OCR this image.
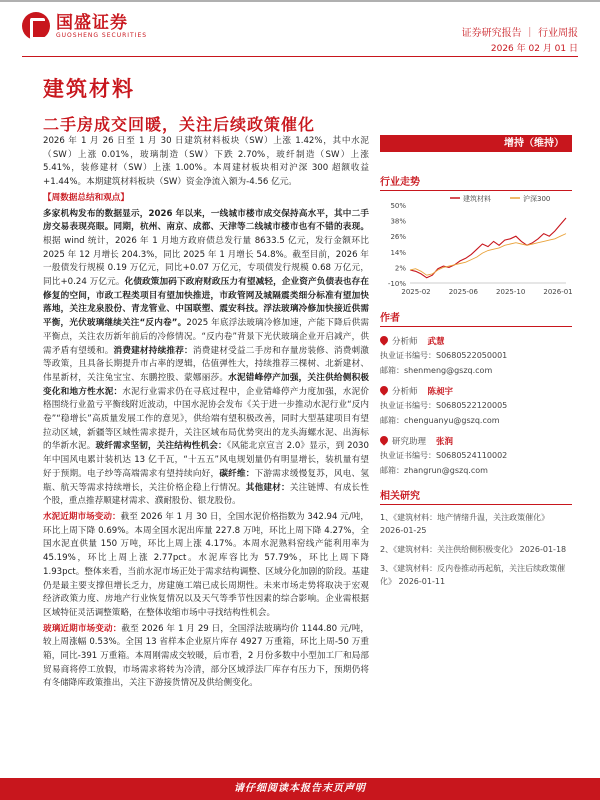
国盛证券
GUOSHENG SECURITIES	证券研究报告 ｜ 行业周报
2026 年 02 月 01 日
建筑材料
二手房成交回暖，关注后续政策催化

2026 年 1 月 26 日至 1 月 30 日建筑材料板块（SW）上涨 1.42%，其中水泥（SW）上涨 0.01%，玻璃制造（SW）下跌 2.70%，玻纤制造（SW）上涨 5.41%，装修建材（SW）上涨 1.00%。本周建材板块相对沪深 300 超额收益+1.44%。本期建筑材料板块（SW）资金净流入额为-4.56 亿元。

【周数据总结和观点】

多家机构发布的数据显示，2026 年以来，一线城市楼市成交保持高水平，其中二手房交易表现亮眼。同期，杭州、南京、成都、天津等二线城市楼市也有不错的表现。根据 wind 统计，2026 年 1 月地方政府债总发行量 8633.5 亿元，发行金额环比 2025 年 12 月增长 204.3%，同比 2025 年 1 月增长 54.8%。截至目前，2026 年一般债发行规模 0.19 万亿元，同比+0.07 万亿元，专项债发行规模 0.68 万亿元，同比+0.24 万亿元。化债政策加码下政府财政压力有望减轻，企业资产负债表也存在修复的空间，市政工程类项目有望加快推进，市政管网及城隔震类细分标准有望加快落地，关注龙泉股份、青龙管业、中国联塑、震安科技。浮法玻璃冷修加快接近供需平衡，光伏玻璃继续关注“反内卷”。2025 年底浮法玻璃冷修加速，产能下降后供需平衡点，关注农历新年前后的冷修情况。“反内卷”背景下光伏玻璃企业开启减产，供需矛盾有望缓和。消费建材持续推荐：消费建材受益二手房和存量房装修、消费刺激等政策，且具备长期提升市占率的逻辑，估值弹性大，持续推荐三棵树、北新建材、伟星新材，关注兔宝宝、东鹏控股、蒙娜丽莎。水泥错峰停产加强，关注供给侧积极变化和地方性水泥：水泥行业需求仍在寻底过程中，企业错峰停产力度加强，水泥价格围绕行业盈亏平衡线附近波动，中国水泥协会发布《关于进一步推动水泥行业“反内卷”“稳增长”高质量发展工作的意见》，供给端有望积极改善，同时大型基建项目有望拉动区域，新疆等区域性需求提升，关注区域布局优势突出的龙头海螺水泥、出海标的华新水泥。玻纤需求坚韧，关注结构性机会：《风能北京宣言 2.0》显示，到 2030 年中国风电累计装机达 13 亿千瓦，“十五五”风电规划量仍有明显增长，装机量有望好于预期。电子纱等高端需求有望持续向好，碳纤维：下游需求缓慢复苏，风电、氢瓶、航天等需求持续增长，关注价格企稳上行情况。其他建材：关注链博、有成长性个股，重点推荐顺建材需求、濮耐股份、银龙股份。

水泥近期市场变动：截至 2026 年 1 月 30 日，全国水泥价格指数为 342.94 元/吨，环比上周下降 0.69%。本周全国水泥出库量 227.8 万吨，环比上周下降 4.27%，全国水泥直供量 150 万吨，环比上周上涨 4.17%。本周水泥熟料窑线产能利用率为 45.19%，环比上周上涨 2.77pct。水泥库容比为 57.79%，环比上周下降 1.93pct。整体来看，当前水泥市场正处于需求结构调整、区域分化加剧的阶段。基建仍是最主要支撑但增长乏力，房建施工端已成长周期性。未来市场走势将取决于宏观经济政策力度、房地产行业恢复情况以及天气等季节性因素的综合影响。企业需根据区域特征灵活调整策略，在整体收缩市场中寻找结构性机会。

玻璃近期市场变动：截至 2026 年 1 月 29 日，全国浮法玻璃均价 1144.80 元/吨，较上周涨幅 0.53%。全国 13 省样本企业原片库存 4927 万重箱，环比上周-50 万重箱，同比-391 万重箱。本周刚需成交较暖，后市看，2 月份多数中小型加工厂和局部贸易商将停工放假，市场需求将转为冷清，部分区域浮法厂库存有压力下，预期仍将有冬储降库政策推出，关注下游接货情况及供给侧变化。

增持（维持）
行业走势
-10%
2%
14%
26%
38%
50%
2025-02	2025-06	2025-10	2026-01
建筑材料	沪深300
作者
分析师 武慧
执业证书编号：S0680522050001
邮箱：shenmeng@gszq.com
分析师 陈昶宇
执业证书编号：S0680522120005
邮箱：chenguanyu@gszq.com
研究助理 张润
执业证书编号：S0680524110002
邮箱：zhangrun@gszq.com
相关研究
1、《建筑材料：地产情绪升温，关注政策催化》 2026-01-25
2、《建筑材料：关注供给侧积极变化》 2026-01-18
3、《建筑材料：反内卷推动再起航，关注后续政策催化》 2026-01-11
请仔细阅读本报告末页声明
